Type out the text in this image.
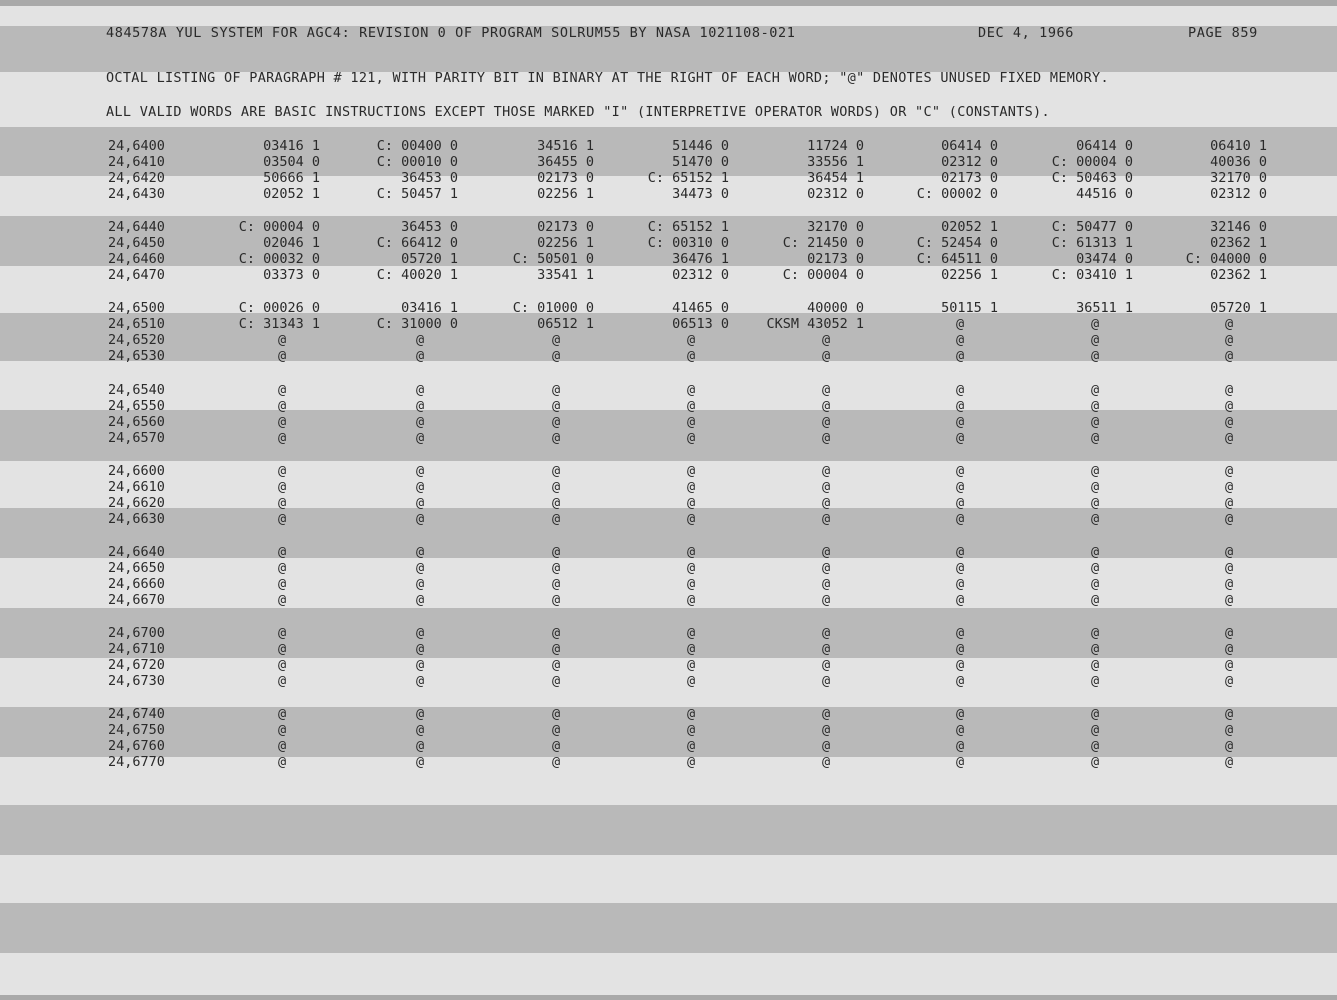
484578A YUL SYSTEM FOR AGC4: REVISION 0 OF PROGRAM SOLRUM55 BY NASA 1021108-021	DEC 4, 1966	PAGE 859
OCTAL LISTING OF PARAGRAPH # 121, WITH PARITY BIT IN BINARY AT THE RIGHT OF EACH WORD; "@" DENOTES UNUSED FIXED MEMORY.
ALL VALID WORDS ARE BASIC INSTRUCTIONS EXCEPT THOSE MARKED "I" (INTERPRETIVE OPERATOR WORDS) OR "C" (CONSTANTS).
24,6400	03416 1	C: 00400 0	34516 1	51446 0	11724 0	06414 0	06414 0	06410 1
24,6410	03504 0	C: 00010 0	36455 0	51470 0	33556 1	02312 0	C: 00004 0	40036 0
24,6420	50666 1	36453 0	02173 0	C: 65152 1	36454 1	02173 0	C: 50463 0	32170 0
24,6430	02052 1	C: 50457 1	02256 1	34473 0	02312 0	C: 00002 0	44516 0	02312 0
24,6440	C: 00004 0	36453 0	02173 0	C: 65152 1	32170 0	02052 1	C: 50477 0	32146 0
24,6450	02046 1	C: 66412 0	02256 1	C: 00310 0	C: 21450 0	C: 52454 0	C: 61313 1	02362 1
24,6460	C: 00032 0	05720 1	C: 50501 0	36476 1	02173 0	C: 64511 0	03474 0	C: 04000 0
24,6470	03373 0	C: 40020 1	33541 1	02312 0	C: 00004 0	02256 1	C: 03410 1	02362 1
24,6500	C: 00026 0	03416 1	C: 01000 0	41465 0	40000 0	50115 1	36511 1	05720 1
24,6510	C: 31343 1	C: 31000 0	06512 1	06513 0	CKSM 43052 1	@	@	@
24,6520	@	@	@	@	@	@	@	@
24,6530	@	@	@	@	@	@	@	@
24,6540	@	@	@	@	@	@	@	@
24,6550	@	@	@	@	@	@	@	@
24,6560	@	@	@	@	@	@	@	@
24,6570	@	@	@	@	@	@	@	@
24,6600	@	@	@	@	@	@	@	@
24,6610	@	@	@	@	@	@	@	@
24,6620	@	@	@	@	@	@	@	@
24,6630	@	@	@	@	@	@	@	@
24,6640	@	@	@	@	@	@	@	@
24,6650	@	@	@	@	@	@	@	@
24,6660	@	@	@	@	@	@	@	@
24,6670	@	@	@	@	@	@	@	@
24,6700	@	@	@	@	@	@	@	@
24,6710	@	@	@	@	@	@	@	@
24,6720	@	@	@	@	@	@	@	@
24,6730	@	@	@	@	@	@	@	@
24,6740	@	@	@	@	@	@	@	@
24,6750	@	@	@	@	@	@	@	@
24,6760	@	@	@	@	@	@	@	@
24,6770	@	@	@	@	@	@	@	@
